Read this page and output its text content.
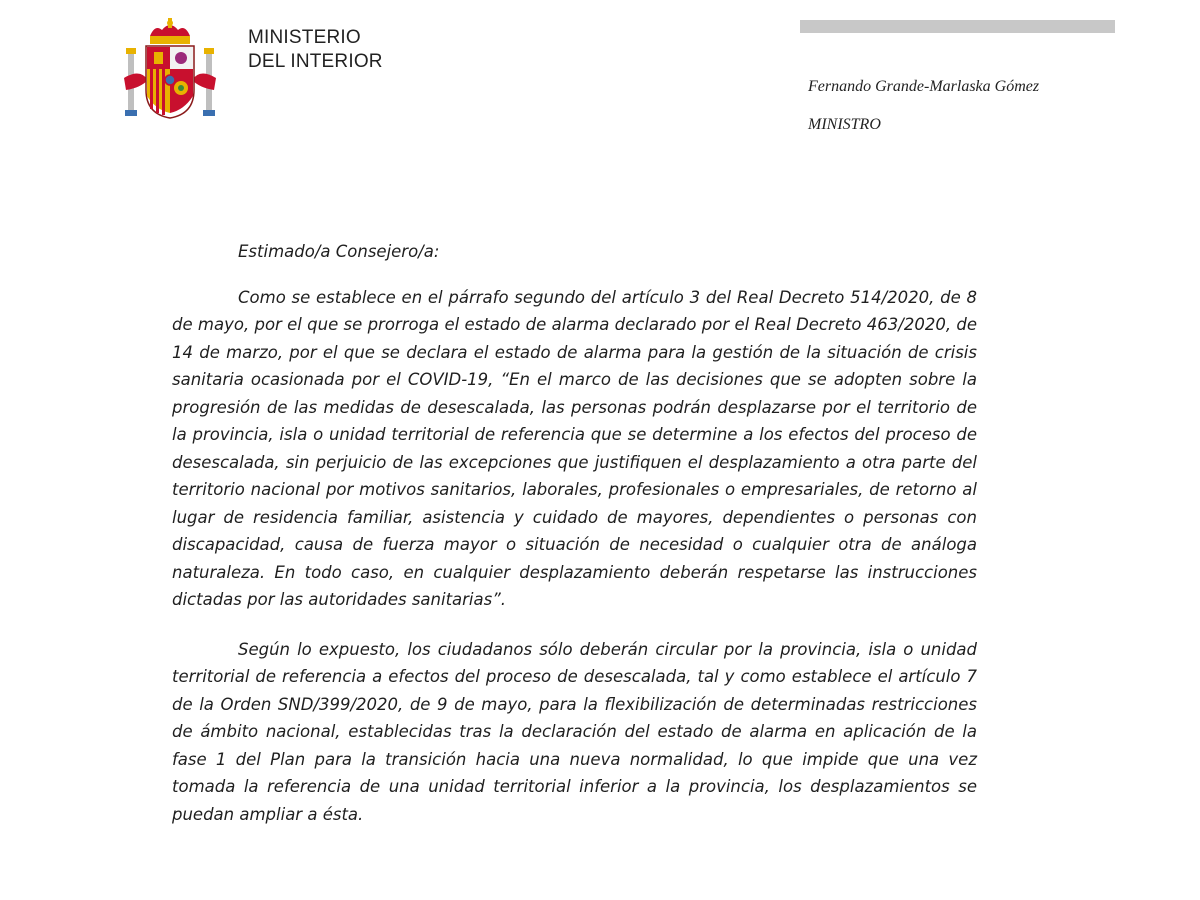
MINISTERIO
DEL INTERIOR
Fernando Grande-Marlaska Gómez
MINISTRO
Estimado/a Consejero/a:

Como se establece en el párrafo segundo del artículo 3 del Real Decreto 514/2020, de 8 de mayo, por el que se prorroga el estado de alarma declarado por el Real Decreto 463/2020, de 14 de marzo, por el que se declara el estado de alarma para la gestión de la situación de crisis sanitaria ocasionada por el COVID-19, “En el marco de las decisiones que se adopten sobre la progresión de las medidas de desescalada, las personas podrán desplazarse por el territorio de la provincia, isla o unidad territorial de referencia que se determine a los efectos del proceso de desescalada, sin perjuicio de las excepciones que justifiquen el desplazamiento a otra parte del territorio nacional por motivos sanitarios, laborales, profesionales o empresariales, de retorno al lugar de residencia familiar, asistencia y cuidado de mayores, dependientes o personas con discapacidad, causa de fuerza mayor o situación de necesidad o cualquier otra de análoga naturaleza. En todo caso, en cualquier desplazamiento deberán respetarse las instrucciones dictadas por las autoridades sanitarias”.

Según lo expuesto, los ciudadanos sólo deberán circular por la provincia, isla o unidad territorial de referencia a efectos del proceso de desescalada, tal y como establece el artículo 7 de la Orden SND/399/2020, de 9 de mayo, para la flexibilización de determinadas restricciones de ámbito nacional, establecidas tras la declaración del estado de alarma en aplicación de la fase 1 del Plan para la transición hacia una nueva normalidad, lo que impide que una vez tomada la referencia de una unidad territorial inferior a la provincia, los desplazamientos se puedan ampliar a ésta.
